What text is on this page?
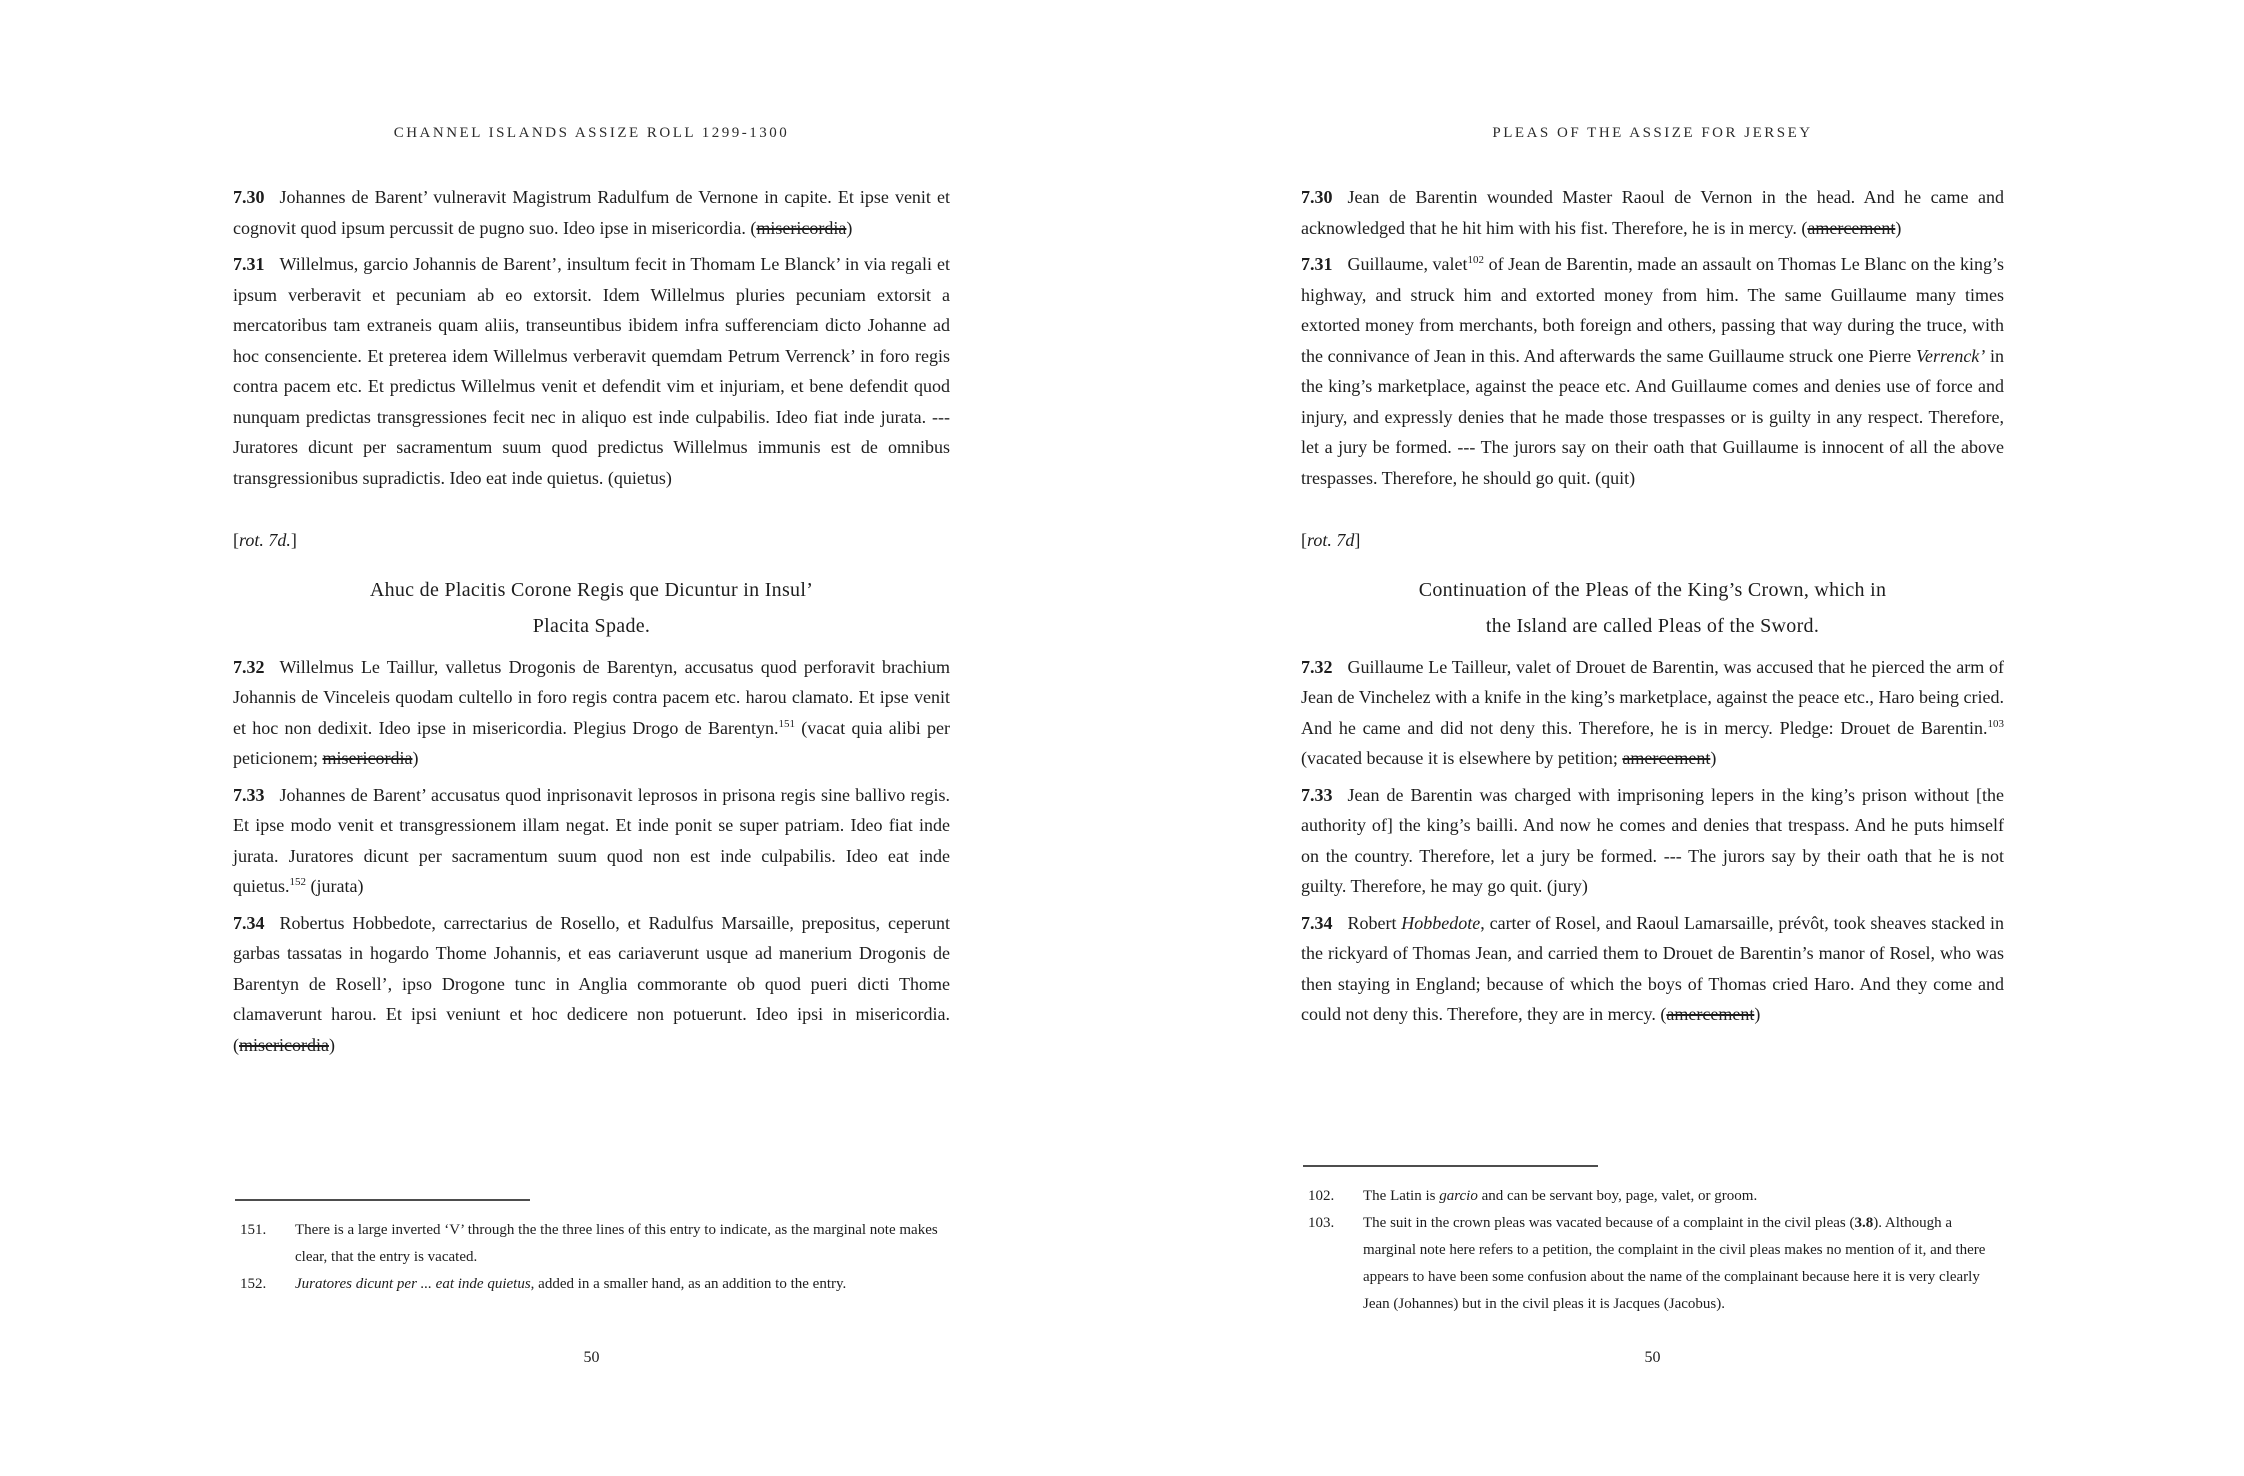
CHANNEL ISLANDS ASSIZE ROLL 1299-1300

7.30 Johannes de Barent’ vulneravit Magistrum Radulfum de Vernone in capite. Et ipse venit et cognovit quod ipsum percussit de pugno suo. Ideo ipse in misericordia. (misericordia)

7.31 Willelmus, garcio Johannis de Barent’, insultum fecit in Thomam Le Blanck’ in via regali et ipsum verberavit et pecuniam ab eo extorsit. Idem Willelmus pluries pecuniam extorsit a mercatoribus tam extraneis quam aliis, transeuntibus ibidem infra sufferenciam dicto Johanne ad hoc consenciente. Et preterea idem Willelmus verberavit quemdam Petrum Verrenck’ in foro regis contra pacem etc. Et predictus Willelmus venit et defendit vim et injuriam, et bene defendit quod nunquam predictas transgressiones fecit nec in aliquo est inde culpabilis. Ideo fiat inde jurata. --- Juratores dicunt per sacramentum suum quod predictus Willelmus immunis est de omnibus transgressionibus supradictis. Ideo eat inde quietus. (quietus)

[rot. 7d.]

Ahuc de Placitis Corone Regis que Dicuntur in Insul’
Placita Spade.

7.32 Willelmus Le Taillur, valletus Drogonis de Barentyn, accusatus quod perforavit brachium Johannis de Vinceleis quodam cultello in foro regis contra pacem etc. harou clamato. Et ipse venit et hoc non dedixit. Ideo ipse in misericordia. Plegius Drogo de Barentyn.$^{151}$ (vacat quia alibi per peticionem; misericordia)

7.33 Johannes de Barent’ accusatus quod inprisonavit leprosos in prisona regis sine ballivo regis. Et ipse modo venit et transgressionem illam negat. Et inde ponit se super patriam. Ideo fiat inde jurata. Juratores dicunt per sacramentum suum quod non est inde culpabilis. Ideo eat inde quietus.$^{152}$ (jurata)

7.34 Robertus Hobbedote, carrectarius de Rosello, et Radulfus Marsaille, prepositus, ceperunt garbas tassatas in hogardo Thome Johannis, et eas cariaverunt usque ad manerium Drogonis de Barentyn de Rosell’, ipso Drogone tunc in Anglia commorante ob quod pueri dicti Thome clamaverunt harou. Et ipsi veniunt et hoc dedicere non potuerunt. Ideo ipsi in misericordia. (misericordia)

151.	There is a large inverted ‘V’ through the the three lines of this entry to indicate, as the marginal note makes clear, that the entry is vacated.
152.	Juratores dicunt per ... eat inde quietus, added in a smaller hand, as an addition to the entry.
50
PLEAS OF THE ASSIZE FOR JERSEY

7.30 Jean de Barentin wounded Master Raoul de Vernon in the head. And he came and acknowledged that he hit him with his fist. Therefore, he is in mercy. (amercement)

7.31 Guillaume, valet$^{102}$ of Jean de Barentin, made an assault on Thomas Le Blanc on the king’s highway, and struck him and extorted money from him. The same Guillaume many times extorted money from merchants, both foreign and others, passing that way during the truce, with the connivance of Jean in this. And afterwards the same Guillaume struck one Pierre Verrenck’ in the king’s marketplace, against the peace etc. And Guillaume comes and denies use of force and injury, and expressly denies that he made those trespasses or is guilty in any respect. Therefore, let a jury be formed. --- The jurors say on their oath that Guillaume is innocent of all the above trespasses. Therefore, he should go quit. (quit)

[rot. 7d]

Continuation of the Pleas of the King’s Crown, which in
the Island are called Pleas of the Sword.

7.32 Guillaume Le Tailleur, valet of Drouet de Barentin, was accused that he pierced the arm of Jean de Vinchelez with a knife in the king’s marketplace, against the peace etc., Haro being cried. And he came and did not deny this. Therefore, he is in mercy. Pledge: Drouet de Barentin.$^{103}$ (vacated because it is elsewhere by petition; amercement)

7.33 Jean de Barentin was charged with imprisoning lepers in the king’s prison without [the authority of] the king’s bailli. And now he comes and denies that trespass. And he puts himself on the country. Therefore, let a jury be formed. --- The jurors say by their oath that he is not guilty. Therefore, he may go quit. (jury)

7.34 Robert Hobbedote, carter of Rosel, and Raoul Lamarsaille, prévôt, took sheaves stacked in the rickyard of Thomas Jean, and carried them to Drouet de Barentin’s manor of Rosel, who was then staying in England; because of which the boys of Thomas cried Haro. And they come and could not deny this. Therefore, they are in mercy. (amercement)

102.	The Latin is garcio and can be servant boy, page, valet, or groom.
103.	The suit in the crown pleas was vacated because of a complaint in the civil pleas (3.8). Although a marginal note here refers to a petition, the complaint in the civil pleas makes no mention of it, and there appears to have been some confusion about the name of the complainant because here it is very clearly Jean (Johannes) but in the civil pleas it is Jacques (Jacobus).
50
